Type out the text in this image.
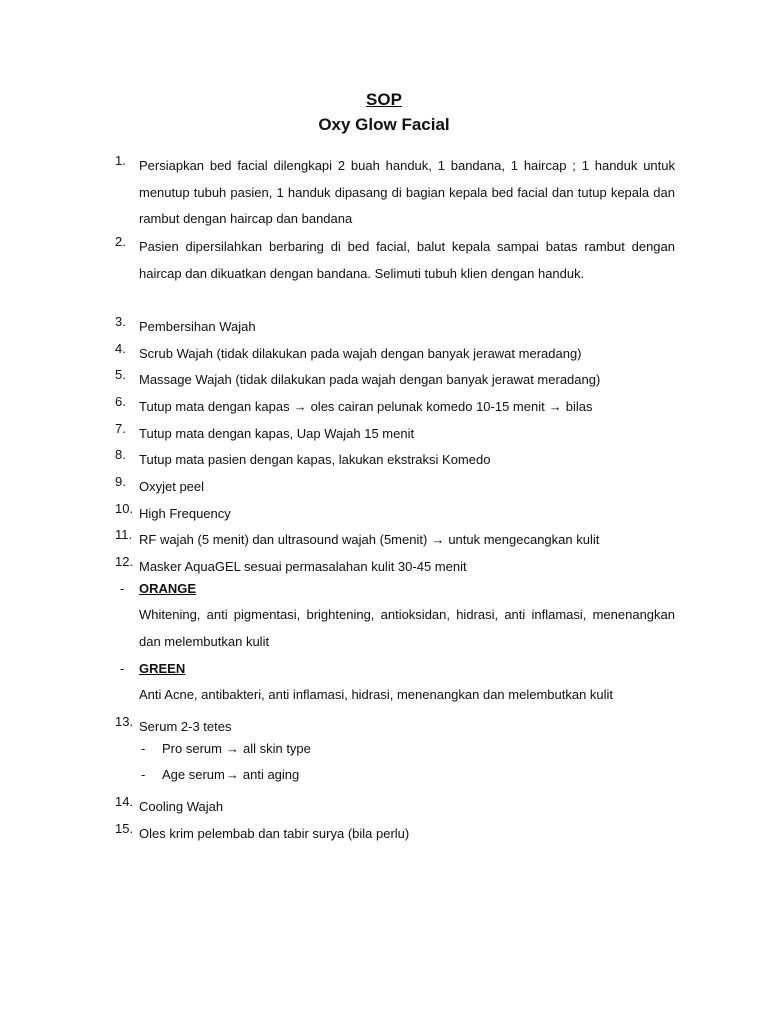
SOP
Oxy Glow Facial
1. Persiapkan bed facial dilengkapi 2 buah handuk, 1 bandana, 1 haircap ; 1 handuk untuk menutup tubuh pasien, 1 handuk dipasang di bagian kepala bed facial dan tutup kepala dan rambut dengan haircap dan bandana

2. Pasien dipersilahkan berbaring di bed facial, balut kepala sampai batas rambut dengan haircap dan dikuatkan dengan bandana. Selimuti tubuh klien dengan handuk.

3. Pembersihan Wajah

4. Scrub Wajah (tidak dilakukan pada wajah dengan banyak jerawat meradang)

5. Massage Wajah (tidak dilakukan pada wajah dengan banyak jerawat meradang)

6. Tutup mata dengan kapas → oles cairan pelunak komedo 10-15 menit → bilas

7. Tutup mata dengan kapas, Uap Wajah 15 menit

8. Tutup mata pasien dengan kapas, lakukan ekstraksi Komedo

9. Oxyjet peel

10. High Frequency

11. RF wajah (5 menit) dan ultrasound wajah (5menit) → untuk mengecangkan kulit

12. Masker AquaGEL sesuai permasalahan kulit 30-45 menit

- ORANGE

Whitening, anti pigmentasi, brightening, antioksidan, hidrasi, anti inflamasi, menenangkan dan melembutkan kulit

- GREEN

Anti Acne, antibakteri, anti inflamasi, hidrasi, menenangkan dan melembutkan kulit

13. Serum 2-3 tetes

- Pro serum → all skin type
- Age serum→ anti aging
14. Cooling Wajah

15. Oles krim pelembab dan tabir surya (bila perlu)
